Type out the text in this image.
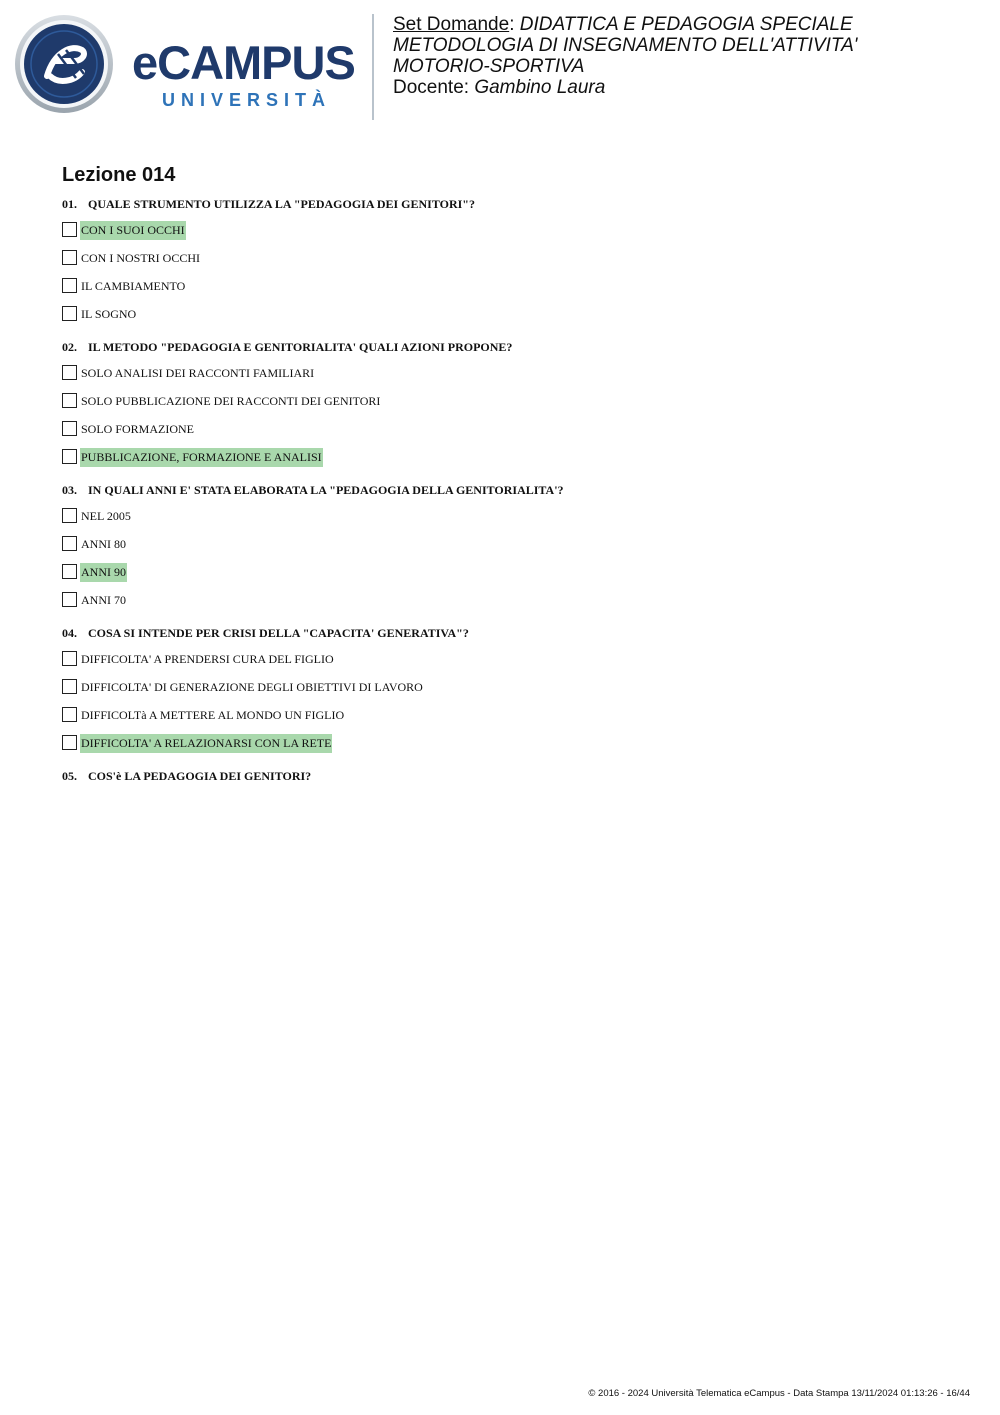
eCAMPUS
UNIVERSITÀ

Set Domande: DIDATTICA E PEDAGOGIA SPECIALE

METODOLOGIA DI INSEGNAMENTO DELL'ATTIVITA' MOTORIO-SPORTIVA

Docente: Gambino Laura

Lezione 014
01. QUALE STRUMENTO UTILIZZA LA "PEDAGOGIA DEI GENITORI"?
CON I SUOI OCCHI
CON I NOSTRI OCCHI
IL CAMBIAMENTO
IL SOGNO
02. IL METODO "PEDAGOGIA E GENITORIALITA' QUALI AZIONI PROPONE?
SOLO ANALISI DEI RACCONTI FAMILIARI
SOLO PUBBLICAZIONE DEI RACCONTI DEI GENITORI
SOLO FORMAZIONE
PUBBLICAZIONE, FORMAZIONE E ANALISI
03. IN QUALI ANNI E' STATA ELABORATA LA "PEDAGOGIA DELLA GENITORIALITA'?
NEL 2005
ANNI 80
ANNI 90
ANNI 70
04. COSA SI INTENDE PER CRISI DELLA "CAPACITA' GENERATIVA"?
DIFFICOLTA' A PRENDERSI CURA DEL FIGLIO
DIFFICOLTA' DI GENERAZIONE DEGLI OBIETTIVI DI LAVORO
DIFFICOLTà A METTERE AL MONDO UN FIGLIO
DIFFICOLTA' A RELAZIONARSI CON LA RETE
05. COS'è LA PEDAGOGIA DEI GENITORI?
© 2016 - 2024 Università Telematica eCampus - Data Stampa 13/11/2024 01:13:26 - 16/44
